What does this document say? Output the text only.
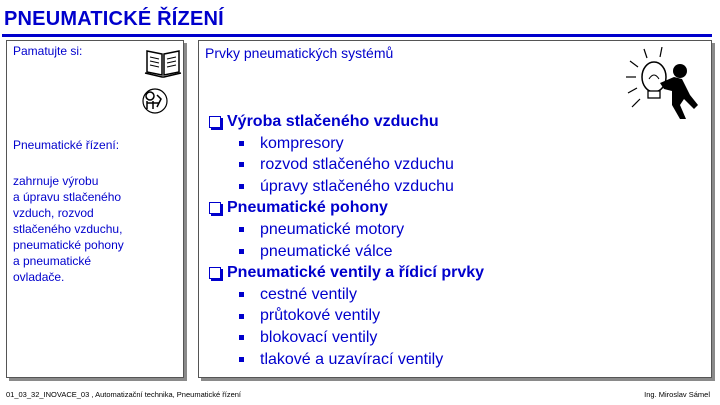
PNEUMATICKÉ ŘÍZENÍ
Pamatujte si:
Pneumatické řízení:
zahrnuje výrobu
a úpravu stlačeného
vzduch, rozvod
stlačeného vzduchu,
pneumatické pohony
a pneumatické
ovladače.
Prvky pneumatických systémů
Výroba stlačeného vzduchu
kompresory
rozvod stlačeného vzduchu
úpravy stlačeného vzduchu
Pneumatické pohony
pneumatické motory
pneumatické válce
Pneumatické ventily a řídicí prvky
cestné ventily
průtokové ventily
blokovací ventily
tlakové a uzavírací ventily
01_03_32_INOVACE_03 , Automatizační technika, Pneumatické řízení	Ing. Miroslav Sámel
